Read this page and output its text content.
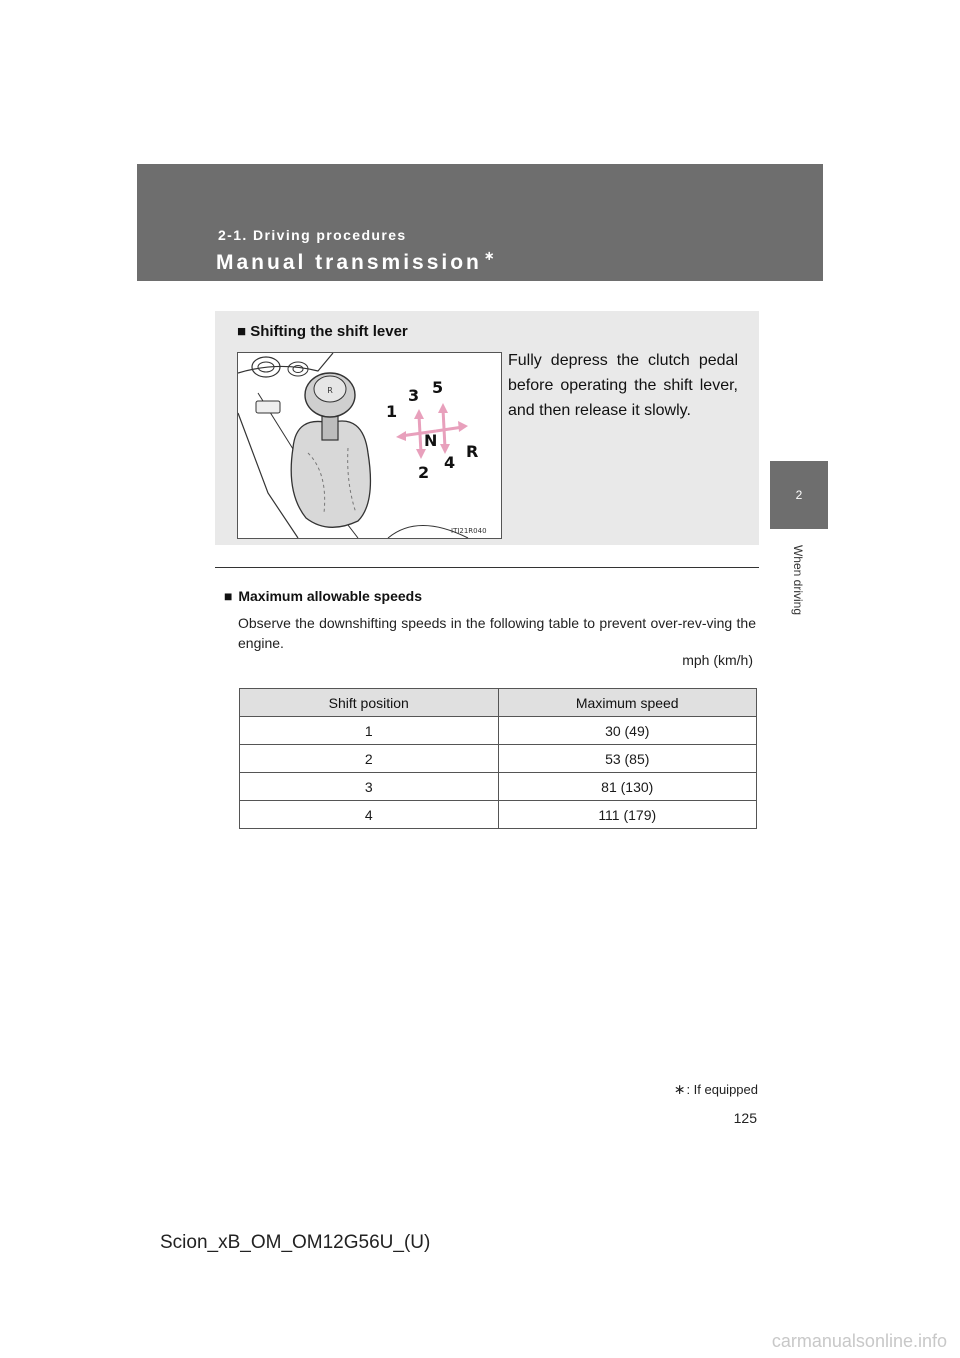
2-1. Driving procedures
Manual transmission ∗
2
When driving
■ Shifting the shift lever
Fully depress the clutch pedal before operating the shift lever, and then release it slowly.
R
1
3 5
N
2
4
R
ITI21R040
■ Maximum allowable speeds
Observe the downshifting speeds in the following table to prevent over-rev-ving the engine.
mph (km/h)
Shift position	Maximum speed
1	30 (49)
2	53 (85)
3	81 (130)
4	111 (179)
∗: If equipped
125
Scion_xB_OM_OM12G56U_(U)
carmanualsonline.info
